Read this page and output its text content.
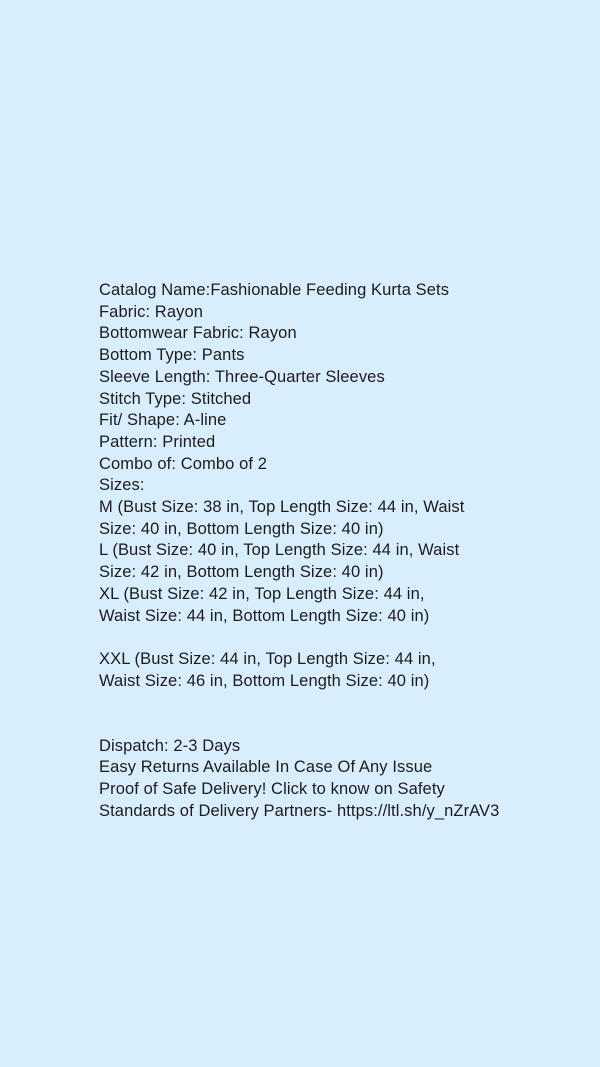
Catalog Name:Fashionable Feeding Kurta Sets
Fabric: Rayon
Bottomwear Fabric: Rayon
Bottom Type: Pants
Sleeve Length: Three-Quarter Sleeves
Stitch Type: Stitched
Fit/ Shape: A-line
Pattern: Printed
Combo of: Combo of 2
Sizes:
M (Bust Size: 38 in, Top Length Size: 44 in, Waist
Size: 40 in, Bottom Length Size: 40 in)
L (Bust Size: 40 in, Top Length Size: 44 in, Waist
Size: 42 in, Bottom Length Size: 40 in)
XL (Bust Size: 42 in, Top Length Size: 44 in,
Waist Size: 44 in, Bottom Length Size: 40 in)
XXL (Bust Size: 44 in, Top Length Size: 44 in,
Waist Size: 46 in, Bottom Length Size: 40 in)
Dispatch: 2-3 Days
Easy Returns Available In Case Of Any Issue
Proof of Safe Delivery! Click to know on Safety
Standards of Delivery Partners- https://ltl.sh/y_nZrAV3
